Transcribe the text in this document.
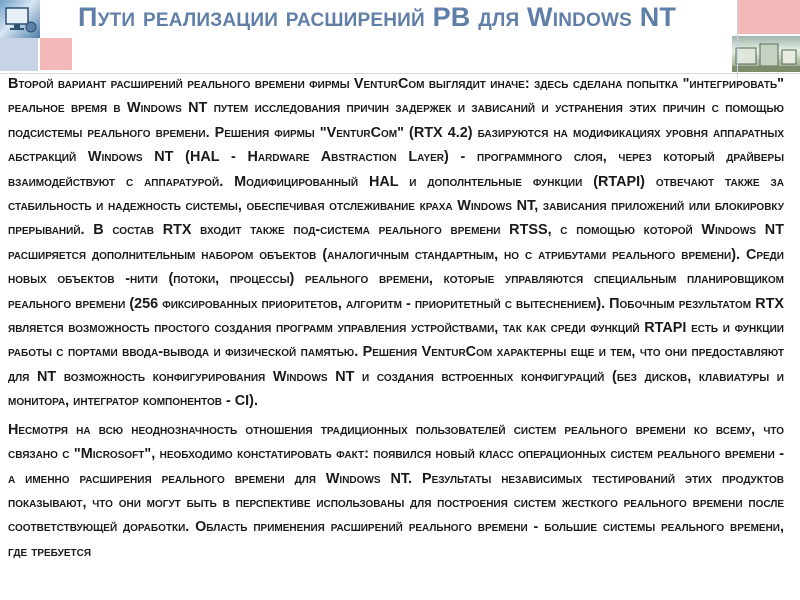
Пути реализации расширений РВ для Windows NT

Второй вариант расширений реального времени фирмы VenturCom выглядит иначе: здесь сделана попытка "интегрировать" реальное время в Windows NT путем исследования причин задержек и зависаний и устранения этих причин с помощью подсистемы реального времени. Решения фирмы "VenturCom" (RTX 4.2) базируются на модификациях уровня аппаратных абстракций Windows NT (HAL - Hardware Abstraction Layer) - программного слоя, через который драйверы взаимодействуют с аппаратурой. Модифицированный HAL и дополнтельные функции (RTAPI) отвечают также за стабильность и надежность системы, обеспечивая отслеживание краха Windows NT, зависания приложений или блокировку прерываний. В состав RTX входит также под-система реального времени RTSS, с помощью которой Windows NT расширяется дополнительным набором объектов (аналогичным стандартным, но с атрибутами реального времени). Среди новых объектов -нити (потоки, процессы) реального времени, которые управляются специальным планировщиком реального времени (256 фиксированных приоритетов, алгоритм - приоритетный с вытеснением). Побочным результатом RTX является возможность простого создания программ управления устройствами, так как среди функций RTAPI есть и функции работы с портами ввода-вывода и физической памятью. Решения VenturCom характерны еще и тем, что они предоставляют для NT возможность конфигурирования Windows NT и создания встроенных конфигураций (без дисков, клавиатуры и монитора, интегратор компонентов - CI).

Несмотря на всю неоднозначность отношения традиционных пользователей систем реального времени ко всему, что связано с "Microsoft", необходимо констатировать факт: появился новый класс операционных систем реального времени - а именно расширения реального времени для Windows NT. Результаты независимых тестирований этих продуктов показывают, что они могут быть в перспективе использованы для построения систем жесткого реального времени после соответствующей доработки. Область применения расширений реального времени - большие системы реального времени, где требуется
